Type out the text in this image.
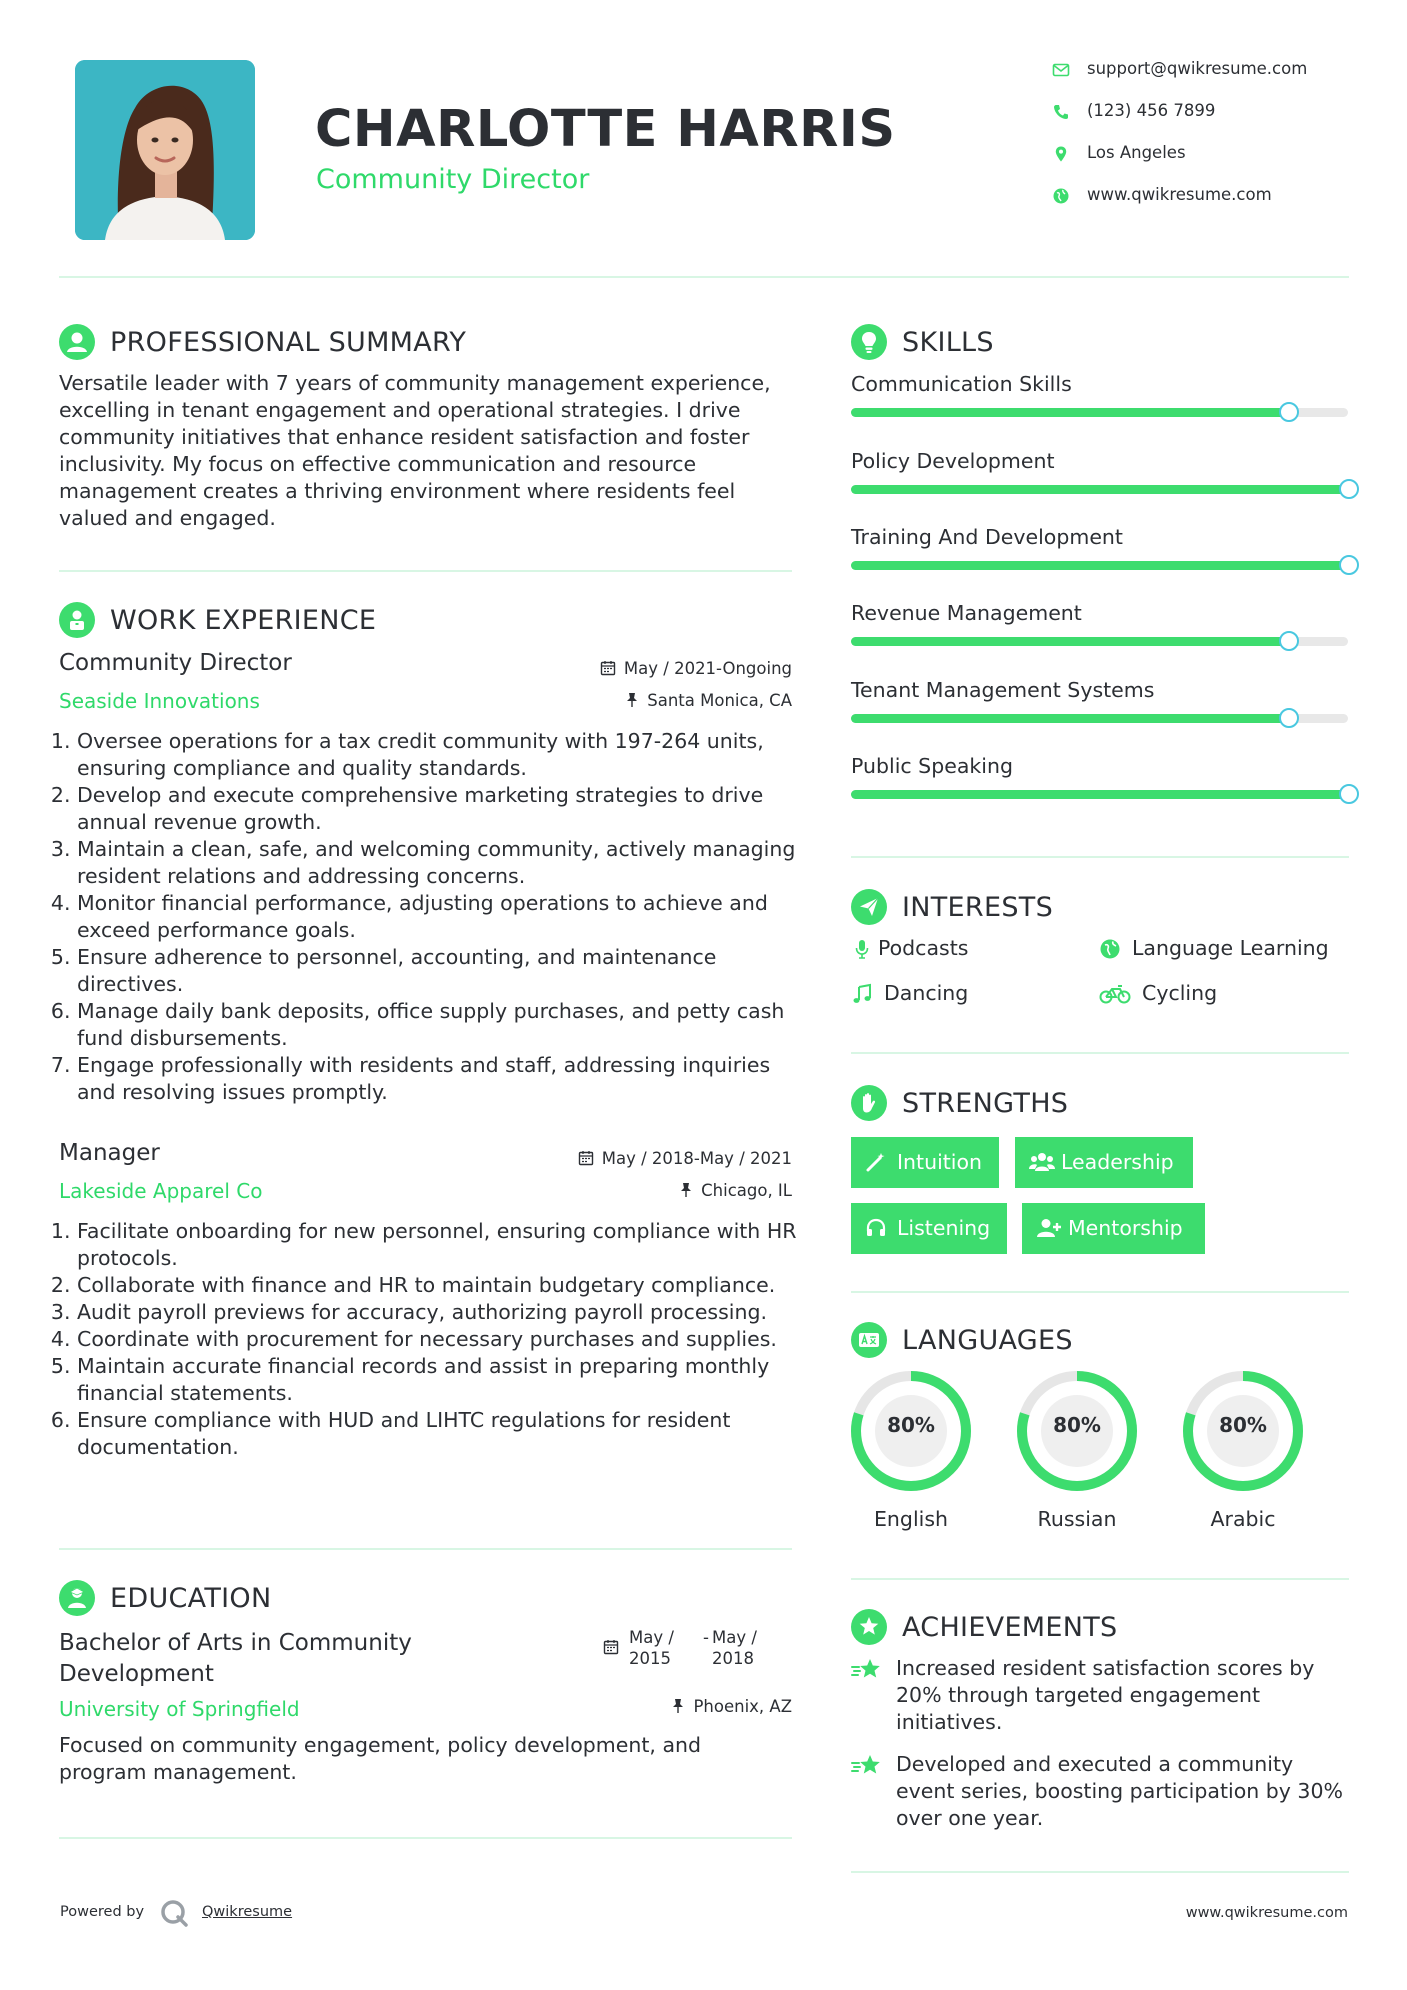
CHARLOTTE HARRIS
Community Director
support@qwikresume.com
(123) 456 7899
Los Angeles
www.qwikresume.com
PROFESSIONAL SUMMARY
Versatile leader with 7 years of community management experience, excelling in tenant engagement and operational strategies. I drive community initiatives that enhance resident satisfaction and foster inclusivity. My focus on effective communication and resource management creates a thriving environment where residents feel valued and engaged.
WORK EXPERIENCE
Community Director
Seaside Innovations
May / 2021-Ongoing
Santa Monica, CA
1. Oversee operations for a tax credit community with 197-264 units, ensuring compliance and quality standards.
2. Develop and execute comprehensive marketing strategies to drive annual revenue growth.
3. Maintain a clean, safe, and welcoming community, actively managing resident relations and addressing concerns.
4. Monitor financial performance, adjusting operations to achieve and exceed performance goals.
5. Ensure adherence to personnel, accounting, and maintenance directives.
6. Manage daily bank deposits, office supply purchases, and petty cash fund disbursements.
7. Engage professionally with residents and staff, addressing inquiries and resolving issues promptly.
Manager
Lakeside Apparel Co
May / 2018-May / 2021
Chicago, IL
1. Facilitate onboarding for new personnel, ensuring compliance with HR protocols.
2. Collaborate with finance and HR to maintain budgetary compliance.
3. Audit payroll previews for accuracy, authorizing payroll processing.
4. Coordinate with procurement for necessary purchases and supplies.
5. Maintain accurate financial records and assist in preparing monthly financial statements.
6. Ensure compliance with HUD and LIHTC regulations for resident documentation.
EDUCATION
Bachelor of Arts in Community Development
University of Springfield
May / 2015
- May / 2018
Phoenix, AZ
Focused on community engagement, policy development, and program management.
SKILLS
Communication Skills
Policy Development
Training And Development
Revenue Management
Tenant Management Systems
Public Speaking
INTERESTS
Podcasts	Language Learning
Dancing	Cycling
STRENGTHS
Intuition	Leadership
Listening	Mentorship
LANGUAGES
80%
English
80%
Russian
80%
Arabic
ACHIEVEMENTS
Increased resident satisfaction scores by 20% through targeted engagement initiatives.
Developed and executed a community event series, boosting participation by 30% over one year.
Powered by	Qwikresume	www.qwikresume.com
